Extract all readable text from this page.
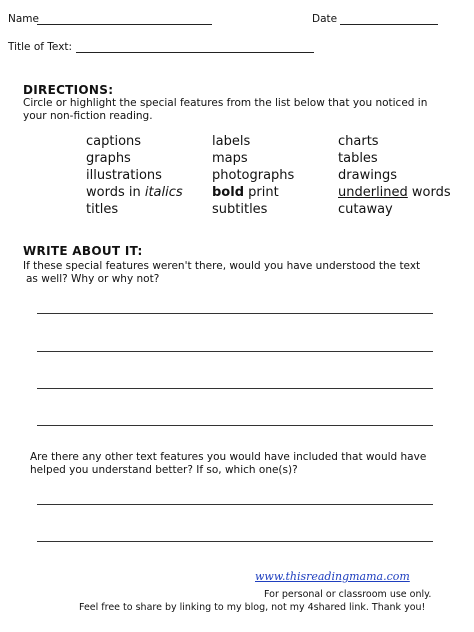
Name	Date
Title of Text:
DIRECTIONS:
Circle or highlight the special features from the list below that you noticed in
your non-fiction reading.
captions
graphs
illustrations
words in italics
titles
labels
maps
photographs
bold print
subtitles
charts
tables
drawings
underlined words
cutaway
WRITE ABOUT IT:
If these special features weren't there, would you have understood the text
as well? Why or why not?
Are there any other text features you would have included that would have
helped you understand better? If so, which one(s)?
www.thisreadingmama.com
For personal or classroom use only.
Feel free to share by linking to my blog, not my 4shared link. Thank you!
